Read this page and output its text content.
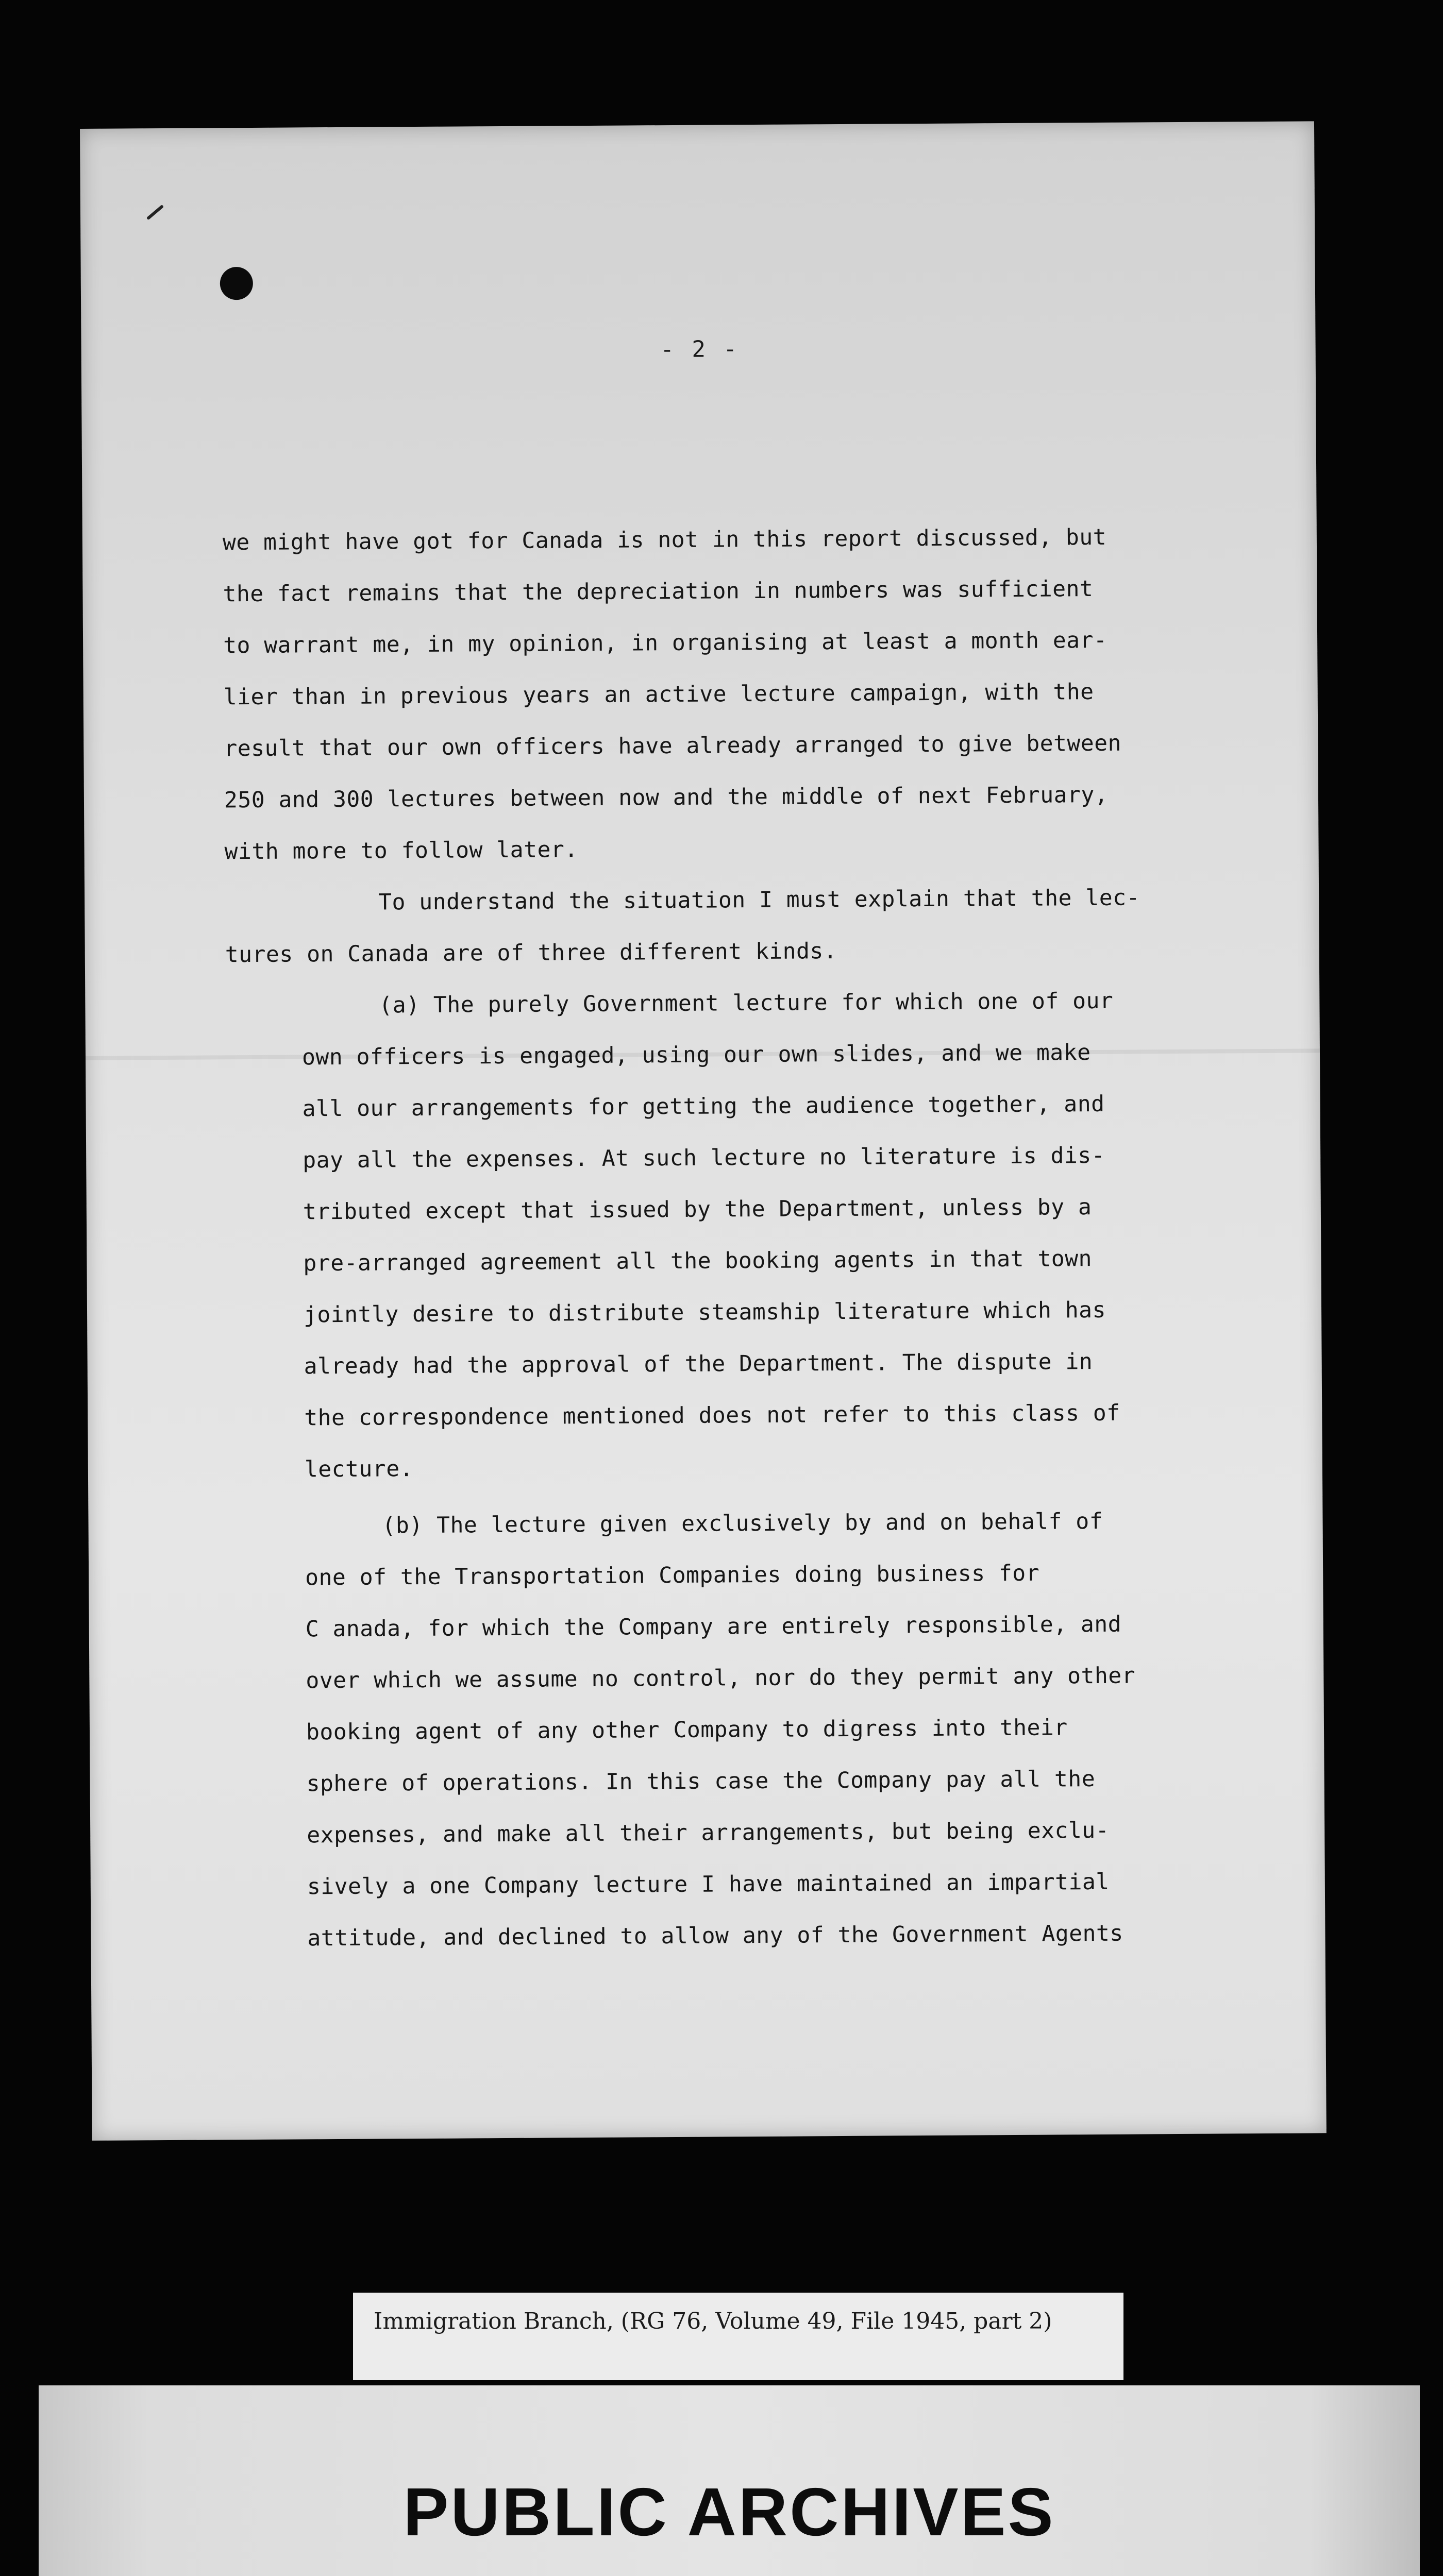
- 2 -
we might have got for Canada is not in this report discussed, but
the fact remains that the depreciation in numbers was sufficient
to warrant me, in my opinion, in organising at least a month ear-
lier than in previous years an active lecture campaign, with the
result that our own officers have already arranged to give between
250 and 300 lectures between now and the middle of next February,
with more to follow later.
To understand the situation I must explain that the lec-
tures on Canada are of three different kinds.
(a) The purely Government lecture for which one of our
own officers is engaged, using our own slides, and we make
all our arrangements for getting the audience together, and
pay all the expenses. At such lecture no literature is dis-
tributed except that issued by the Department, unless by a
pre-arranged agreement all the booking agents in that town
jointly desire to distribute steamship literature which has
already had the approval of the Department. The dispute in
the correspondence mentioned does not refer to this class of
lecture.
(b) The lecture given exclusively by and on behalf of
one of the Transportation Companies doing business for
C anada, for which the Company are entirely responsible, and
over which we assume no control, nor do they permit any other
booking agent of any other Company to digress into their
sphere of operations. In this case the Company pay all the
expenses, and make all their arrangements, but being exclu-
sively a one Company lecture I have maintained an impartial
attitude, and declined to allow any of the Government Agents
Immigration Branch, (RG 76, Volume 49, File 1945, part 2)
PUBLIC ARCHIVES
